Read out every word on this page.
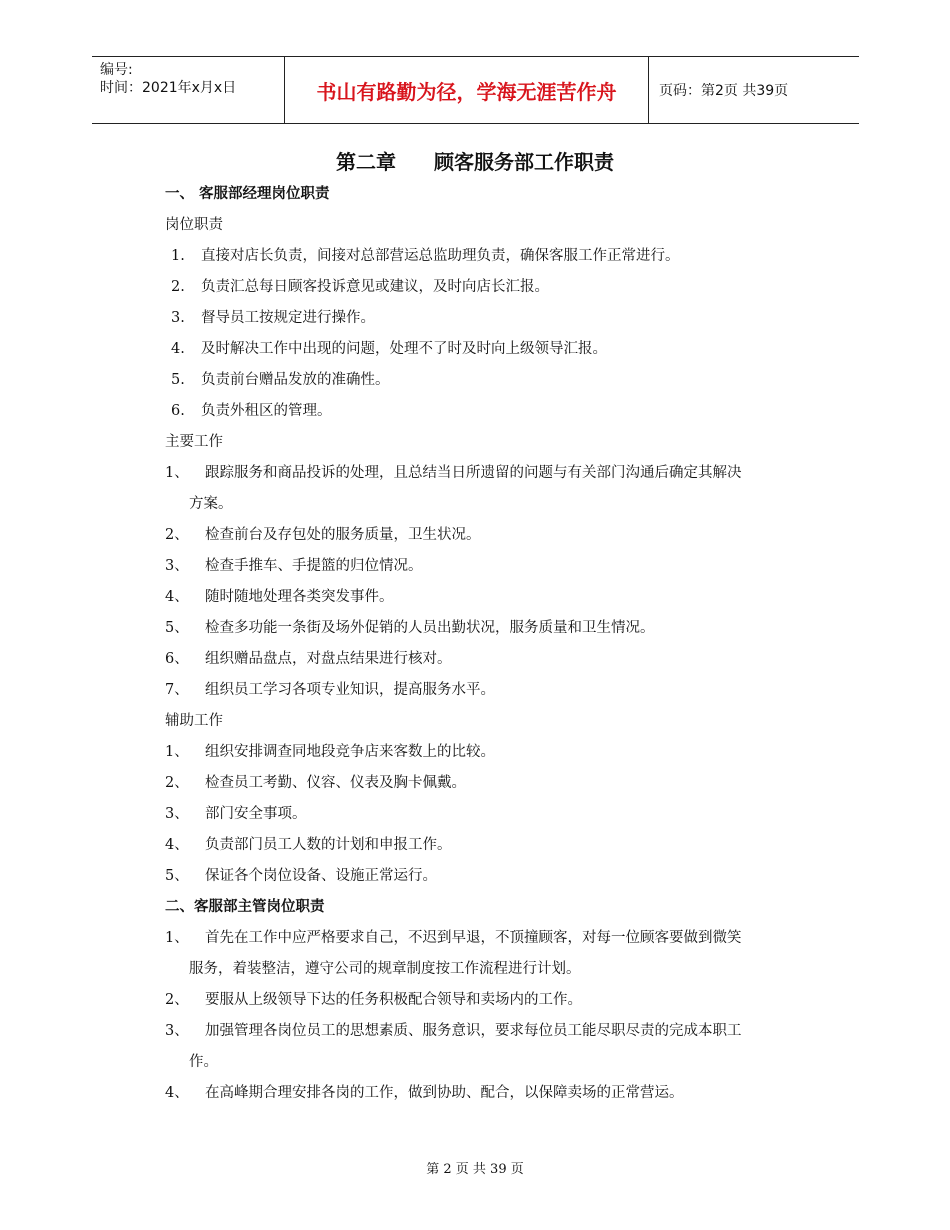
编号:
时间：2021年x月x日	书山有路勤为径，学海无涯苦作舟	页码：第2页 共39页
第二章 顾客服务部工作职责
一、 客服部经理岗位职责
岗位职责
1. 直接对店长负责，间接对总部营运总监助理负责，确保客服工作正常进行。
2. 负责汇总每日顾客投诉意见或建议，及时向店长汇报。
3. 督导员工按规定进行操作。
4. 及时解决工作中出现的问题，处理不了时及时向上级领导汇报。
5. 负责前台赠品发放的准确性。
6. 负责外租区的管理。
主要工作
1、 跟踪服务和商品投诉的处理，且总结当日所遗留的问题与有关部门沟通后确定其解决
方案。
2、 检查前台及存包处的服务质量，卫生状况。
3、 检查手推车、手提篮的归位情况。
4、 随时随地处理各类突发事件。
5、 检查多功能一条街及场外促销的人员出勤状况，服务质量和卫生情况。
6、 组织赠品盘点，对盘点结果进行核对。
7、 组织员工学习各项专业知识，提高服务水平。
辅助工作
1、 组织安排调查同地段竞争店来客数上的比较。
2、 检查员工考勤、仪容、仪表及胸卡佩戴。
3、 部门安全事项。
4、 负责部门员工人数的计划和申报工作。
5、 保证各个岗位设备、设施正常运行。
二、客服部主管岗位职责
1、 首先在工作中应严格要求自己，不迟到早退，不顶撞顾客，对每一位顾客要做到微笑
服务，着装整洁，遵守公司的规章制度按工作流程进行计划。
2、 要服从上级领导下达的任务积极配合领导和卖场内的工作。
3、 加强管理各岗位员工的思想素质、服务意识，要求每位员工能尽职尽责的完成本职工
作。
4、 在高峰期合理安排各岗的工作，做到协助、配合，以保障卖场的正常营运。
第 2 页 共 39 页
